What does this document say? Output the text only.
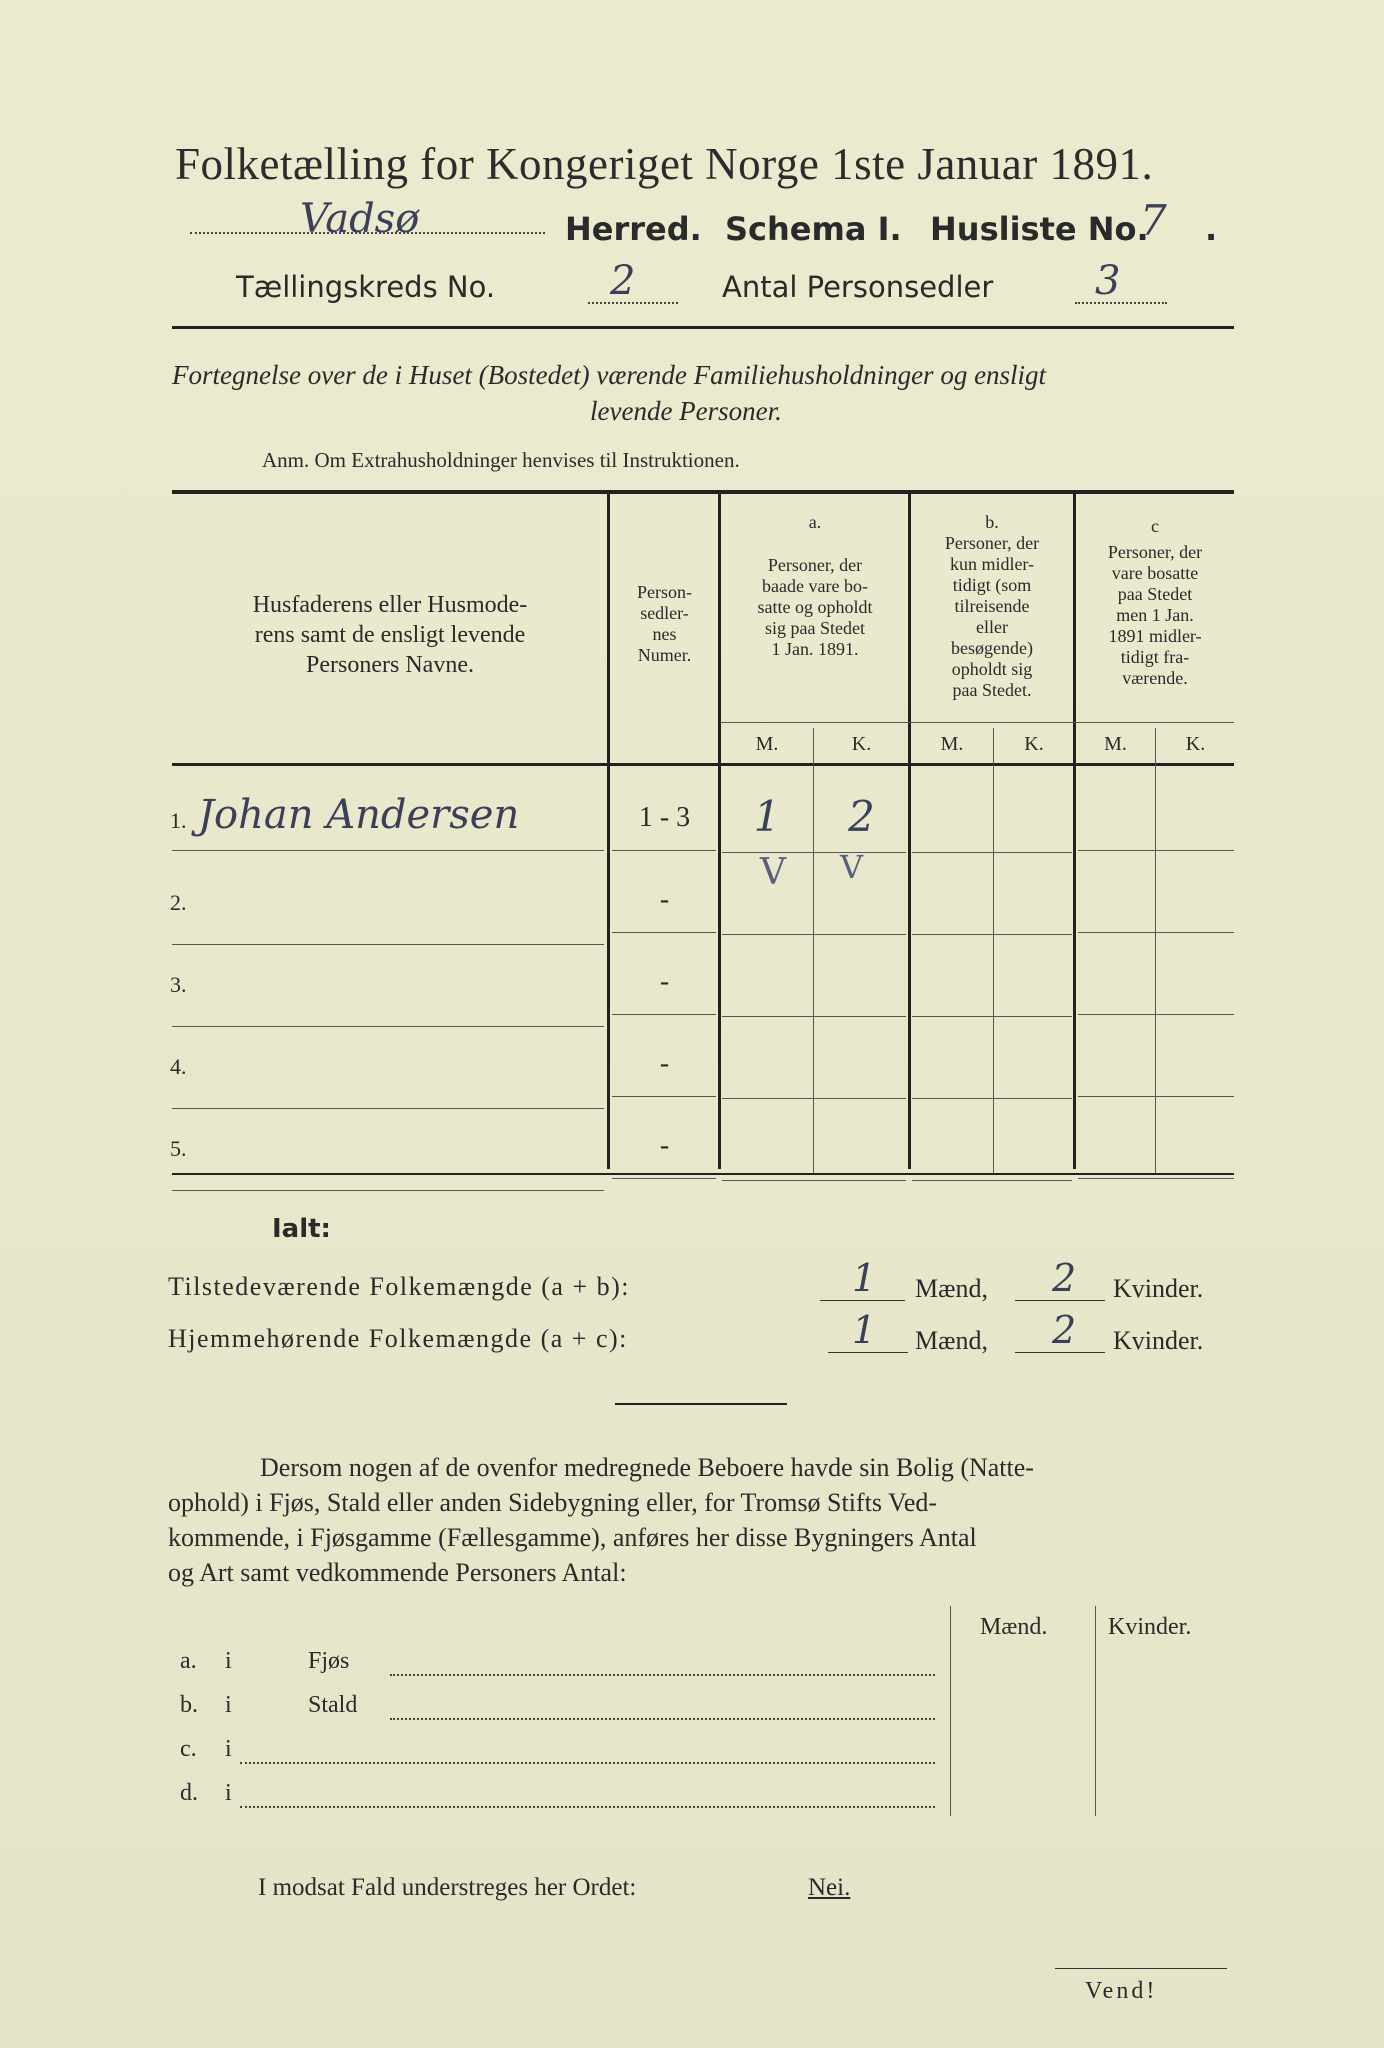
Folketælling for Kongeriget Norge 1ste Januar 1891.
Vadsø	Herred. Schema I. Husliste No.
7 .
Tællingskreds No.	2	Antal Personsedler	3
Fortegnelse over de i Huset (Bostedet) værende Familiehusholdninger og ensligt
levende Personer.
Anm. Om Extrahusholdninger henvises til Instruktionen.
Husfaderens eller Husmode-
rens samt de ensligt levende
Personers Navne.
Person-
sedler-
nes
Numer.
a.
Personer, der
baade vare bo-
satte og opholdt
sig paa Stedet
1 Jan. 1891.
b.
Personer, der
kun midler-
tidigt (som
tilreisende
eller
besøgende)
opholdt sig
paa Stedet.
c
Personer, der
vare bosatte
paa Stedet
men 1 Jan.
1891 midler-
tidigt fra-
værende.
M.	K.	M.	K.	M.	K.
1. Johan Andersen	1 - 3	1	2
2.	-
3.	-
4.	-
5.	-
V V
Ialt:
Tilstedeværende Folkemængde (a + b):	1 Mænd, 2 Kvinder.
Hjemmehørende Folkemængde (a + c):	1 Mænd, 2 Kvinder.
Dersom nogen af de ovenfor medregnede Beboere havde sin Bolig (Natte-
ophold) i Fjøs, Stald eller anden Sidebygning eller, for Tromsø Stifts Ved-
kommende, i Fjøsgamme (Fællesgamme), anføres her disse Bygningers Antal
og Art samt vedkommende Personers Antal:
Mænd.	Kvinder.
a. i	Fjøs
b. i	Stald
c. i
d. i
I modsat Fald understreges her Ordet:	Nei.
Vend!
